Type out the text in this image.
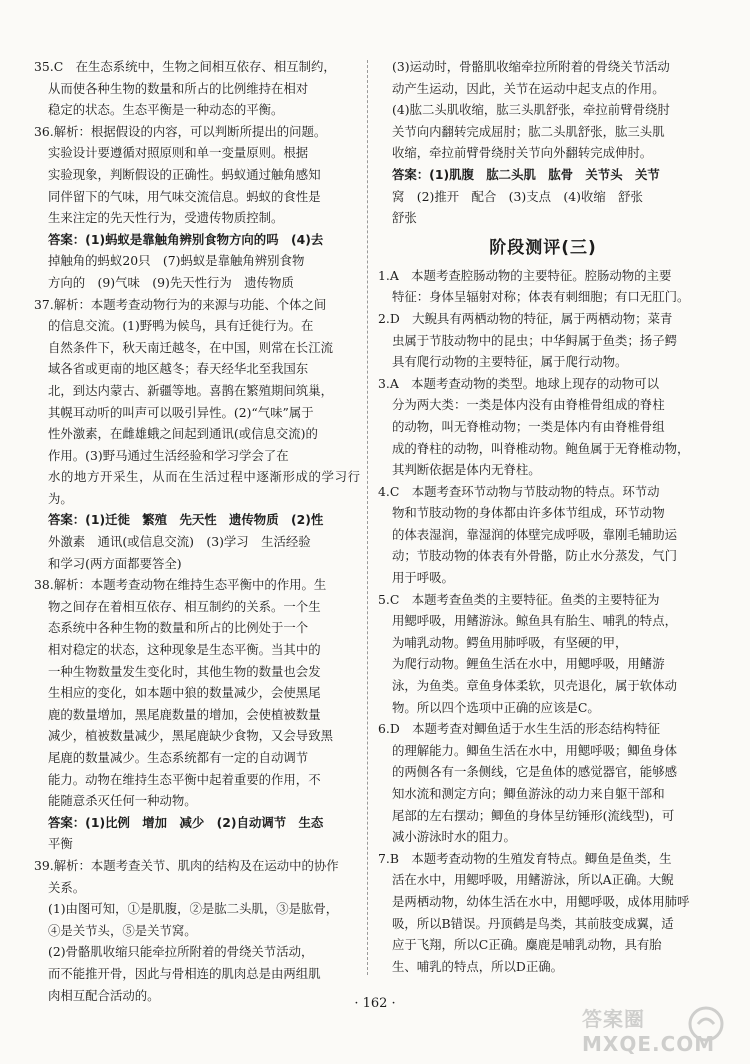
35.C　在生态系统中，生物之间相互依存、相互制约，

从而使各种生物的数量和所占的比例维持在相对

稳定的状态。生态平衡是一种动态的平衡。

36.解析：根据假设的内容，可以判断所提出的问题。

实验设计要遵循对照原则和单一变量原则。根据

实验现象，判断假设的正确性。蚂蚁通过触角感知

同伴留下的气味，用气味交流信息。蚂蚁的食性是

生来注定的先天性行为，受遗传物质控制。

答案：(1)蚂蚁是靠触角辨别食物方向的吗　(4)去

掉触角的蚂蚁20只　(7)蚂蚁是靠触角辨别食物

方向的　(9)气味　(9)先天性行为　遗传物质

37.解析：本题考查动物行为的来源与功能、个体之间

的信息交流。(1)野鸭为候鸟，具有迁徙行为。在

自然条件下，秋天南迁越冬，在中国，则常在长江流

域各省或更南的地区越冬；春天经华北至我国东

北，到达内蒙古、新疆等地。喜鹊在繁殖期间筑巢，

其幌耳动听的叫声可以吸引异性。(2)“气味”属于

性外激素，在雌雄蛾之间起到通讯(或信息交流)的

作用。(3)野马通过生活经验和学习学会了在

水的地方开采生，从而在生活过程中逐渐形成的学习行为。

答案：(1)迁徙　繁殖　先天性　遗传物质　(2)性

外激素　通讯(或信息交流)　(3)学习　生活经验

和学习(两方面都要答全)

38.解析：本题考查动物在维持生态平衡中的作用。生

物之间存在着相互依存、相互制约的关系。一个生

态系统中各种生物的数量和所占的比例处于一个

相对稳定的状态，这种现象是生态平衡。当其中的

一种生物数量发生变化时，其他生物的数量也会发

生相应的变化，如本题中狼的数量减少，会使黑尾

鹿的数量增加，黑尾鹿数量的增加，会使植被数量

减少，植被数量减少，黑尾鹿缺少食物，又会导致黑

尾鹿的数量减少。生态系统都有一定的自动调节

能力。动物在维持生态平衡中起着重要的作用，不

能随意杀灭任何一种动物。

答案：(1)比例　增加　减少　(2)自动调节　生态

平衡

39.解析：本题考查关节、肌肉的结构及在运动中的协作

关系。

(1)由图可知，①是肌腹，②是肱二头肌，③是肱骨，

④是关节头，⑤是关节窝。

(2)骨骼肌收缩只能牵拉所附着的骨绕关节活动，

而不能推开骨，因此与骨相连的肌肉总是由两组肌

肉相互配合活动的。

(3)运动时，骨骼肌收缩牵拉所附着的骨绕关节活动

动产生运动，因此，关节在运动中起支点的作用。

(4)肱二头肌收缩，肱三头肌舒张，牵拉前臂骨绕肘

关节向内翻转完成屈肘；肱二头肌舒张，肱三头肌

收缩，牵拉前臂骨绕肘关节向外翻转完成伸肘。

答案：(1)肌腹　肱二头肌　肱骨　关节头　关节

窝　(2)推开　配合　(3)支点　(4)收缩　舒张

舒张

阶段测评(三)

1.A　本题考查腔肠动物的主要特征。腔肠动物的主要

特征：身体呈辐射对称；体表有刺细胞；有口无肛门。

2.D　大鲵具有两栖动物的特征，属于两栖动物；菜青

虫属于节肢动物中的昆虫；中华鲟属于鱼类；扬子鳄

具有爬行动物的主要特征，属于爬行动物。

3.A　本题考查动物的类型。地球上现存的动物可以

分为两大类：一类是体内没有由脊椎骨组成的脊柱

的动物，叫无脊椎动物；一类是体内有由脊椎骨组

成的脊柱的动物，叫脊椎动物。鲍鱼属于无脊椎动物，

其判断依据是体内无脊柱。

4.C　本题考查环节动物与节肢动物的特点。环节动

物和节肢动物的身体都由许多体节组成，环节动物

的体表湿润，靠湿润的体壁完成呼吸，靠刚毛辅助运

动；节肢动物的体表有外骨骼，防止水分蒸发，气门

用于呼吸。

5.C　本题考查鱼类的主要特征。鱼类的主要特征为

用鳃呼吸，用鳍游泳。鲸鱼具有胎生、哺乳的特点，

为哺乳动物。鳄鱼用肺呼吸，有坚硬的甲，

为爬行动物。鲤鱼生活在水中，用鳃呼吸，用鳍游

泳，为鱼类。章鱼身体柔软，贝壳退化，属于软体动

物。所以四个选项中正确的应该是C。

6.D　本题考查对鲫鱼适于水生生活的形态结构特征

的理解能力。鲫鱼生活在水中，用鳃呼吸；鲫鱼身体

的两侧各有一条侧线，它是鱼体的感觉器官，能够感

知水流和测定方向；鲫鱼游泳的动力来自躯干部和

尾部的左右摆动；鲫鱼的身体呈纺锤形(流线型)，可

减小游泳时水的阻力。

7.B　本题考查动物的生殖发育特点。鲫鱼是鱼类，生

活在水中，用鳃呼吸，用鳍游泳，所以A正确。大鲵

是两栖动物，幼体生活在水中，用鳃呼吸，成体用肺呼

吸，所以B错误。丹顶鹤是鸟类，其前肢变成翼，适

应于飞翔，所以C正确。麋鹿是哺乳动物，具有胎

生、哺乳的特点，所以D正确。

· 162 ·
答案圈 MXQE.COM
